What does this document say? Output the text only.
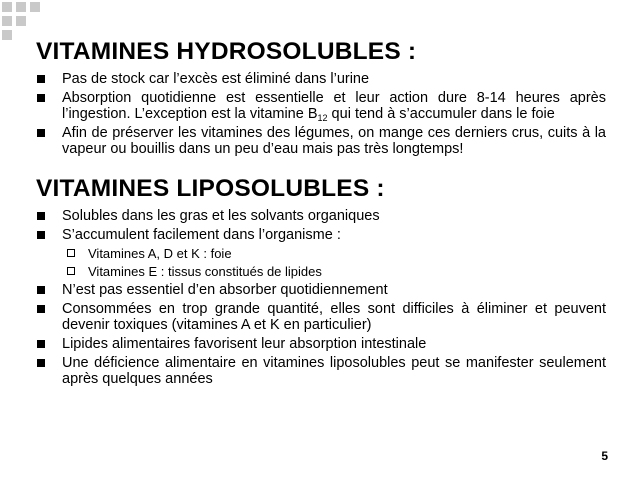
VITAMINES HYDROSOLUBLES :
Pas de stock car l’excès est éliminé dans l’urine
Absorption quotidienne est essentielle et leur action dure 8-14 heures après l’ingestion. L’exception est la vitamine $B_{12}$ qui tend à s’accumuler dans le foie
Afin de préserver les vitamines des légumes, on mange ces derniers crus, cuits à la vapeur ou bouillis dans un peu d’eau mais pas très longtemps!
VITAMINES LIPOSOLUBLES :
Solubles dans les gras et les solvants organiques
S’accumulent facilement dans l’organisme :
Vitamines A, D et K : foie
Vitamines E : tissus constitués de lipides
N’est pas essentiel d’en absorber quotidiennement
Consommées en trop grande quantité, elles sont difficiles à éliminer et peuvent devenir toxiques (vitamines A et K en particulier)
Lipides alimentaires favorisent leur absorption intestinale
Une déficience alimentaire en vitamines liposolubles peut se manifester seulement après quelques années
5
